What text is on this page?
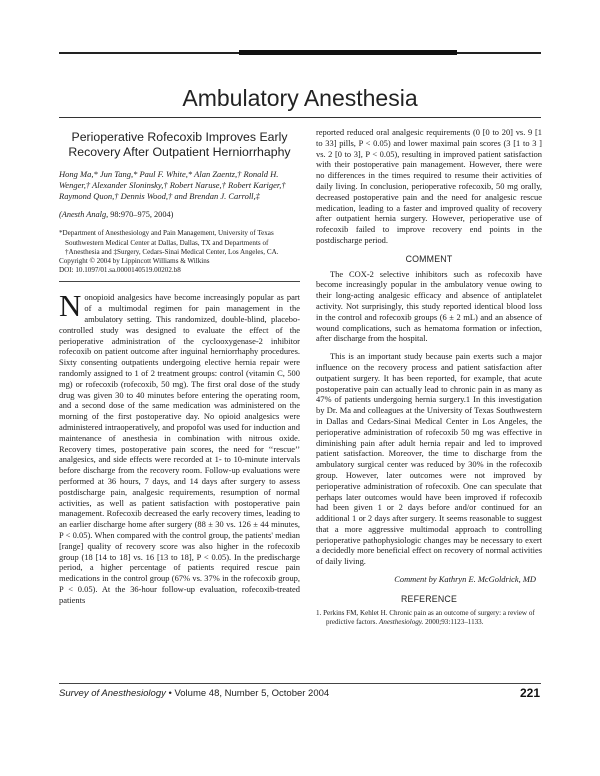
Ambulatory Anesthesia
Perioperative Rofecoxib Improves Early Recovery After Outpatient Herniorrhaphy
Hong Ma,* Jun Tang,* Paul F. White,* Alan Zaentz,† Ronald H. Wenger,† Alexander Sloninsky,† Robert Naruse,† Robert Kariger,† Raymond Quon,† Dennis Wood,† and Brendan J. Carroll,‡
(Anesth Analg, 98:970–975, 2004)
*Department of Anesthesiology and Pain Management, University of Texas Southwestern Medical Center at Dallas, Dallas, TX and Departments of †Anesthesia and ‡Surgery, Cedars-Sinai Medical Center, Los Angeles, CA.
Copyright © 2004 by Lippincott Williams & Wilkins
DOI: 10.1097/01.sa.0000140519.00202.b8
Nonopioid analgesics have become increasingly popular as part of a multimodal regimen for pain management in the ambulatory setting. This randomized, double-blind, placebo-controlled study was designed to evaluate the effect of the perioperative administration of the cyclooxygenase-2 inhibitor rofecoxib on patient outcome after inguinal herniorrhaphy procedures. Sixty consenting outpatients undergoing elective hernia repair were randomly assigned to 1 of 2 treatment groups: control (vitamin C, 500 mg) or rofecoxib (rofecoxib, 50 mg). The first oral dose of the study drug was given 30 to 40 minutes before entering the operating room, and a second dose of the same medication was administered on the morning of the first postoperative day. No opioid analgesics were administered intraoperatively, and propofol was used for induction and maintenance of anesthesia in combination with nitrous oxide. Recovery times, postoperative pain scores, the need for ‘‘rescue’’ analgesics, and side effects were recorded at 1- to 10-minute intervals before discharge from the recovery room. Follow-up evaluations were performed at 36 hours, 7 days, and 14 days after surgery to assess postdischarge pain, analgesic requirements, resumption of normal activities, as well as patient satisfaction with postoperative pain management. Rofecoxib decreased the early recovery times, leading to an earlier discharge home after surgery (88 ± 30 vs. 126 ± 44 minutes, P < 0.05). When compared with the control group, the patients' median [range] quality of recovery score was also higher in the rofecoxib group (18 [14 to 18] vs. 16 [13 to 18], P < 0.05). In the predischarge period, a higher percentage of patients required rescue pain medications in the control group (67% vs. 37% in the rofecoxib group, P < 0.05). At the 36-hour follow-up evaluation, rofecoxib-treated patients
reported reduced oral analgesic requirements (0 [0 to 20] vs. 9 [1 to 33] pills, P < 0.05) and lower maximal pain scores (3 [1 to 3 ] vs. 2 [0 to 3], P < 0.05), resulting in improved patient satisfaction with their postoperative pain management. However, there were no differences in the times required to resume their activities of daily living. In conclusion, perioperative rofecoxib, 50 mg orally, decreased postoperative pain and the need for analgesic rescue medication, leading to a faster and improved quality of recovery after outpatient hernia surgery. However, perioperative use of rofecoxib failed to improve recovery end points in the postdischarge period.
COMMENT
The COX-2 selective inhibitors such as rofecoxib have become increasingly popular in the ambulatory venue owing to their long-acting analgesic efficacy and absence of antiplatelet activity. Not surprisingly, this study reported identical blood loss in the control and rofecoxib groups (6 ± 2 mL) and an absence of wound complications, such as hematoma formation or infection, after discharge from the hospital.
This is an important study because pain exerts such a major influence on the recovery process and patient satisfaction after outpatient surgery. It has been reported, for example, that acute postoperative pain can actually lead to chronic pain in as many as 47% of patients undergoing hernia surgery.1 In this investigation by Dr. Ma and colleagues at the University of Texas Southwestern in Dallas and Cedars-Sinai Medical Center in Los Angeles, the perioperative administration of rofecoxib 50 mg was effective in diminishing pain after adult hernia repair and led to improved patient satisfaction. Moreover, the time to discharge from the ambulatory surgical center was reduced by 30% in the rofecoxib group. However, later outcomes were not improved by perioperative administration of rofecoxib. One can speculate that perhaps later outcomes would have been improved if rofecoxib had been given 1 or 2 days before and/or continued for an additional 1 or 2 days after surgery. It seems reasonable to suggest that a more aggressive multimodal approach to controlling perioperative pathophysiologic changes may be necessary to exert a decidedly more beneficial effect on recovery of normal activities of daily living.
Comment by Kathryn E. McGoldrick, MD
REFERENCE
1. Perkins FM, Kehlet H. Chronic pain as an outcome of surgery: a review of predictive factors. Anesthesiology. 2000;93:1123–1133.
Survey of Anesthesiology • Volume 48, Number 5, October 2004	221
